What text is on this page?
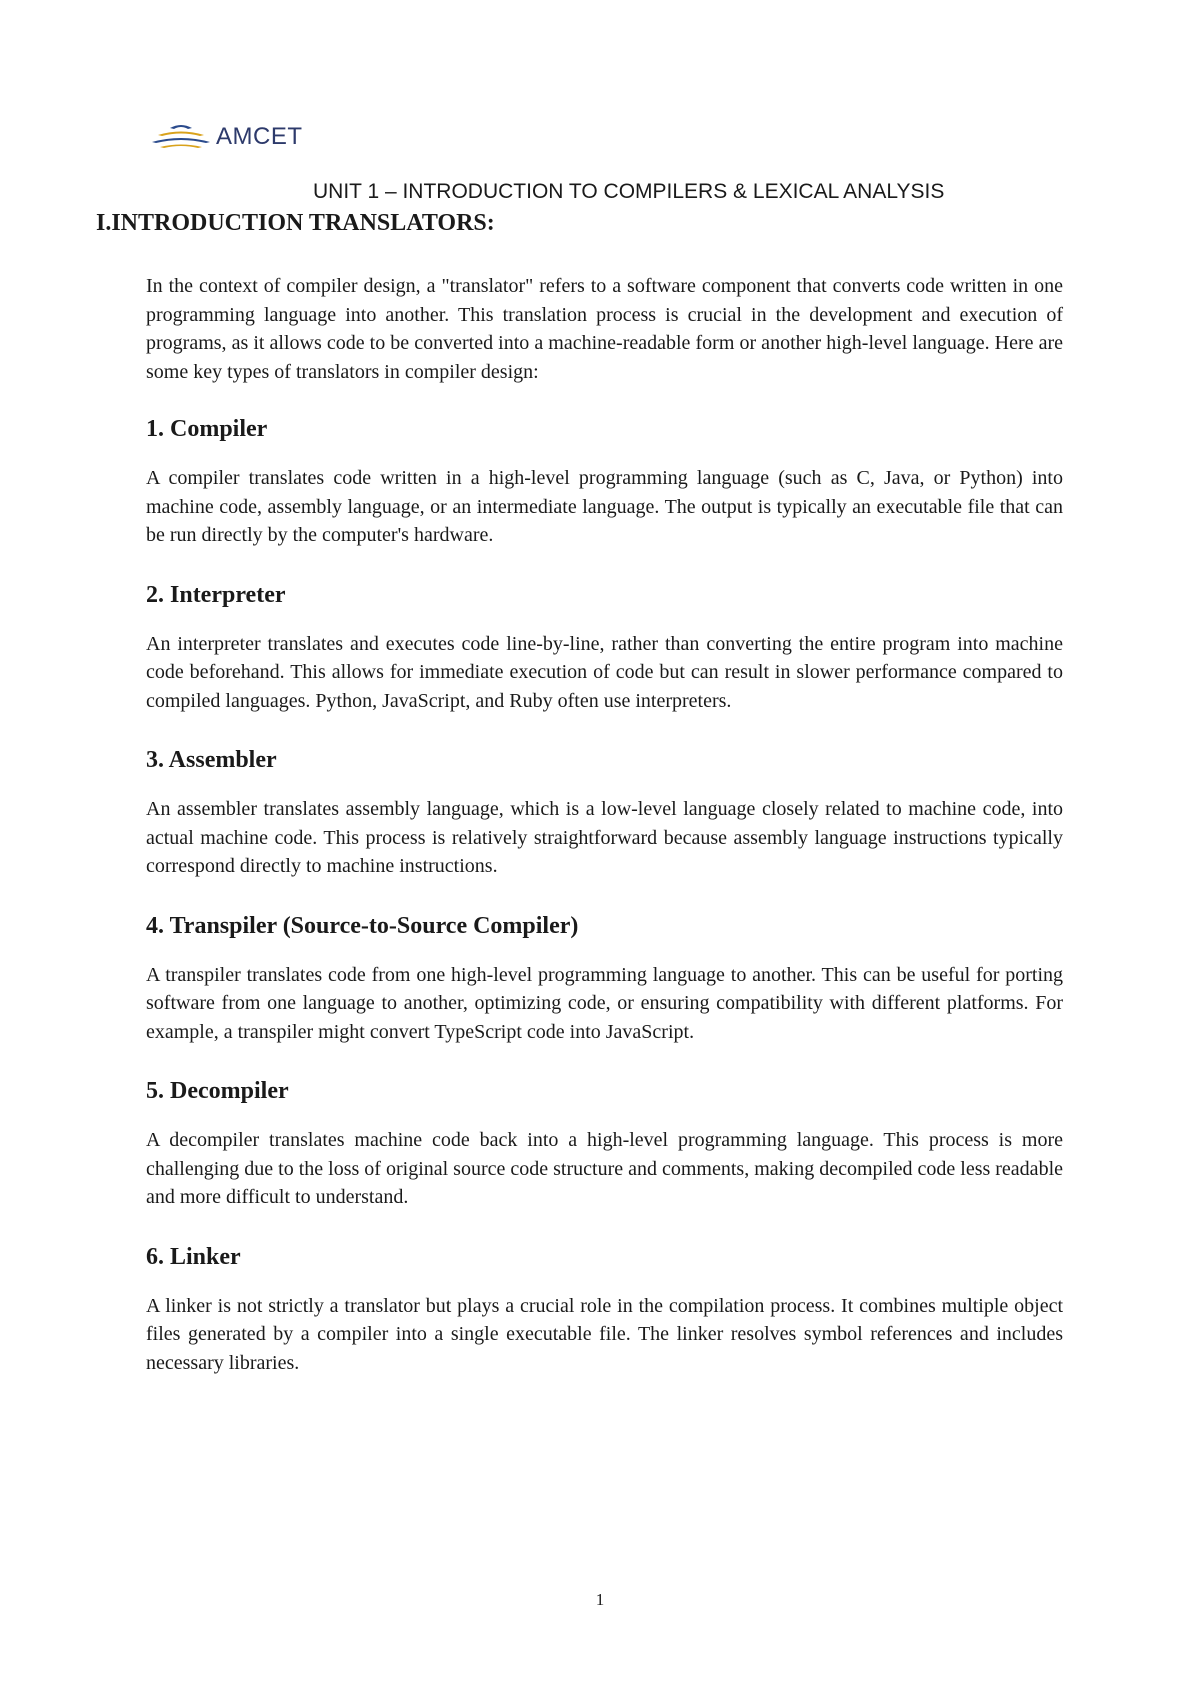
AMCET
UNIT 1 – INTRODUCTION TO COMPILERS & LEXICAL ANALYSIS
I.INTRODUCTION TRANSLATORS:

In the context of compiler design, a "translator" refers to a software component that converts code written in one programming language into another. This translation process is crucial in the development and execution of programs, as it allows code to be converted into a machine-readable form or another high-level language. Here are some key types of translators in compiler design:

1. Compiler

A compiler translates code written in a high-level programming language (such as C, Java, or Python) into machine code, assembly language, or an intermediate language. The output is typically an executable file that can be run directly by the computer's hardware.

2. Interpreter

An interpreter translates and executes code line-by-line, rather than converting the entire program into machine code beforehand. This allows for immediate execution of code but can result in slower performance compared to compiled languages. Python, JavaScript, and Ruby often use interpreters.

3. Assembler

An assembler translates assembly language, which is a low-level language closely related to machine code, into actual machine code. This process is relatively straightforward because assembly language instructions typically correspond directly to machine instructions.

4. Transpiler (Source-to-Source Compiler)

A transpiler translates code from one high-level programming language to another. This can be useful for porting software from one language to another, optimizing code, or ensuring compatibility with different platforms. For example, a transpiler might convert TypeScript code into JavaScript.

5. Decompiler

A decompiler translates machine code back into a high-level programming language. This process is more challenging due to the loss of original source code structure and comments, making decompiled code less readable and more difficult to understand.

6. Linker

A linker is not strictly a translator but plays a crucial role in the compilation process. It combines multiple object files generated by a compiler into a single executable file. The linker resolves symbol references and includes necessary libraries.

1
